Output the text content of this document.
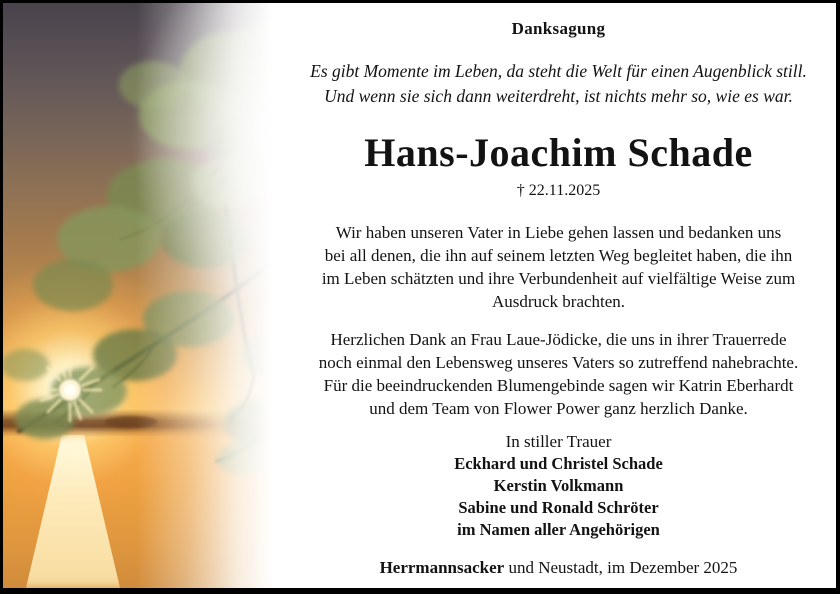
Danksagung
Es gibt Momente im Leben, da steht die Welt für einen Augenblick still.
Und wenn sie sich dann weiterdreht, ist nichts mehr so, wie es war.
Hans-Joachim Schade
† 22.11.2025
Wir haben unseren Vater in Liebe gehen lassen und bedanken uns
bei all denen, die ihn auf seinem letzten Weg begleitet haben, die ihn
im Leben schätzten und ihre Verbundenheit auf vielfältige Weise zum
Ausdruck brachten.
Herzlichen Dank an Frau Laue-Jödicke, die uns in ihrer Trauerrede
noch einmal den Lebensweg unseres Vaters so zutreffend nahebrachte.
Für die beeindruckenden Blumengebinde sagen wir Katrin Eberhardt
und dem Team von Flower Power ganz herzlich Danke.
In stiller Trauer
Eckhard und Christel Schade
Kerstin Volkmann
Sabine und Ronald Schröter
im Namen aller Angehörigen
Herrmannsacker und Neustadt, im Dezember 2025
